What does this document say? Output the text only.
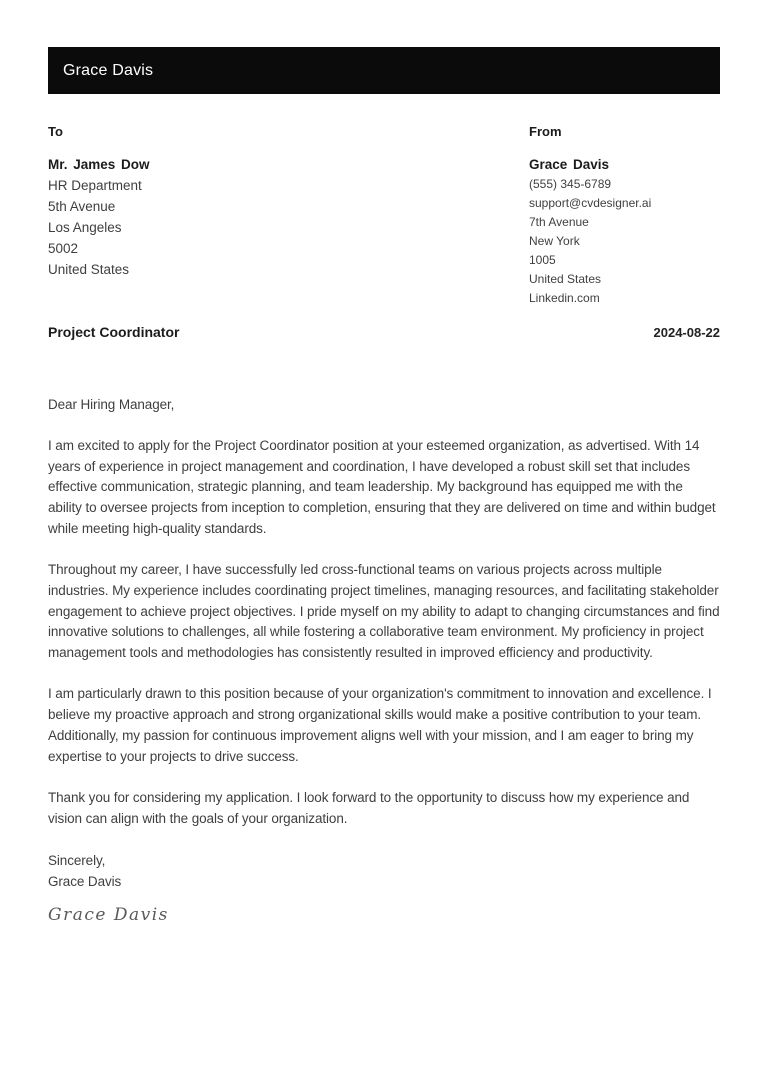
Grace Davis
To
Mr. James Dow
HR Department
5th Avenue
Los Angeles
5002
United States
From
Grace Davis
(555) 345-6789
support@cvdesigner.ai
7th Avenue
New York
1005
United States
Linkedin.com
Project Coordinator	2024-08-22

Dear Hiring Manager,

I am excited to apply for the Project Coordinator position at your esteemed organization, as advertised. With 14 years of experience in project management and coordination, I have developed a robust skill set that includes effective communication, strategic planning, and team leadership. My background has equipped me with the ability to oversee projects from inception to completion, ensuring that they are delivered on time and within budget while meeting high-quality standards.

Throughout my career, I have successfully led cross-functional teams on various projects across multiple industries. My experience includes coordinating project timelines, managing resources, and facilitating stakeholder engagement to achieve project objectives. I pride myself on my ability to adapt to changing circumstances and find innovative solutions to challenges, all while fostering a collaborative team environment. My proficiency in project management tools and methodologies has consistently resulted in improved efficiency and productivity.

I am particularly drawn to this position because of your organization's commitment to innovation and excellence. I believe my proactive approach and strong organizational skills would make a positive contribution to your team. Additionally, my passion for continuous improvement aligns well with your mission, and I am eager to bring my expertise to your projects to drive success.

Thank you for considering my application. I look forward to the opportunity to discuss how my experience and vision can align with the goals of your organization.

Sincerely,
Grace Davis
Grace Davis
